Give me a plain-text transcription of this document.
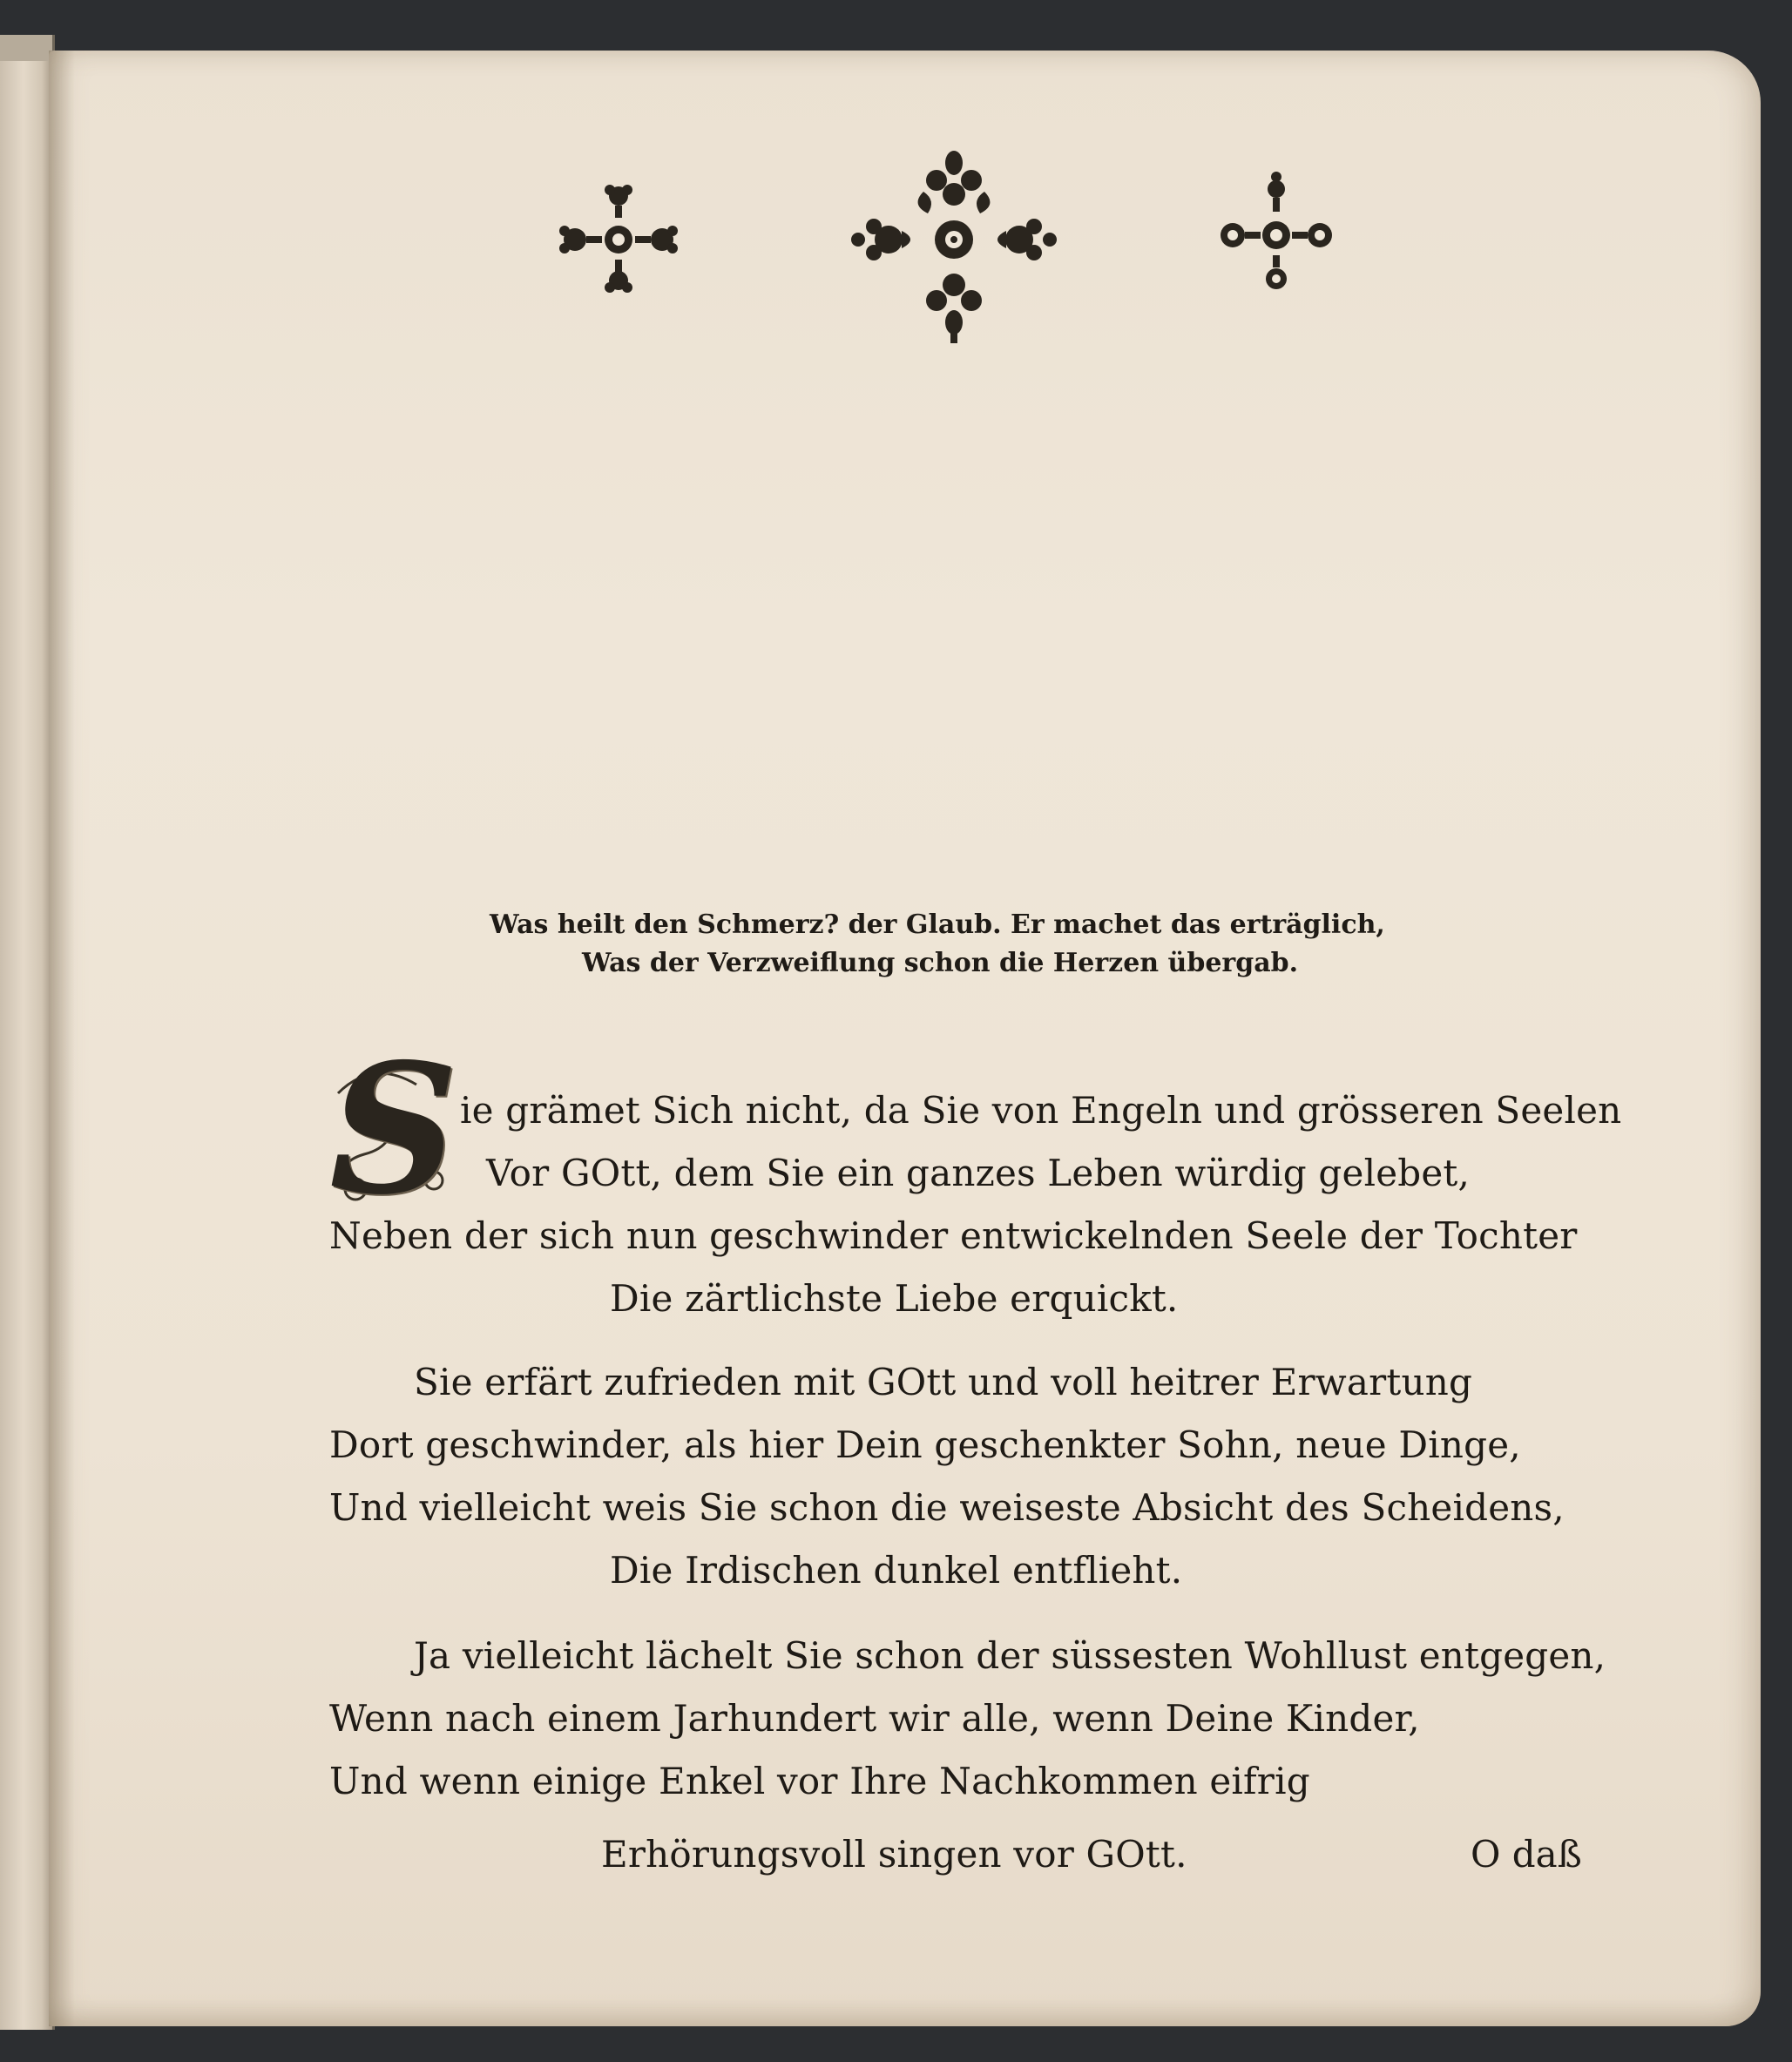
Was heilt den Schmerz? der Glaub. Er machet das erträglich,
Was der Verzweiflung schon die Herzen übergab.
S ie grämet Sich nicht, da Sie von Engeln und grösseren Seelen
Vor GOtt, dem Sie ein ganzes Leben würdig gelebet,
Neben der sich nun geschwinder entwickelnden Seele der Tochter
Die zärtlichste Liebe erquickt.
Sie erfärt zufrieden mit GOtt und voll heitrer Erwartung
Dort geschwinder, als hier Dein geschenkter Sohn, neue Dinge,
Und vielleicht weis Sie schon die weiseste Absicht des Scheidens,
Die Irdischen dunkel entflieht.
Ja vielleicht lächelt Sie schon der süssesten Wohllust entgegen,
Wenn nach einem Jarhundert wir alle, wenn Deine Kinder,
Und wenn einige Enkel vor Ihre Nachkommen eifrig
Erhörungsvoll singen vor GOtt.	O daß
